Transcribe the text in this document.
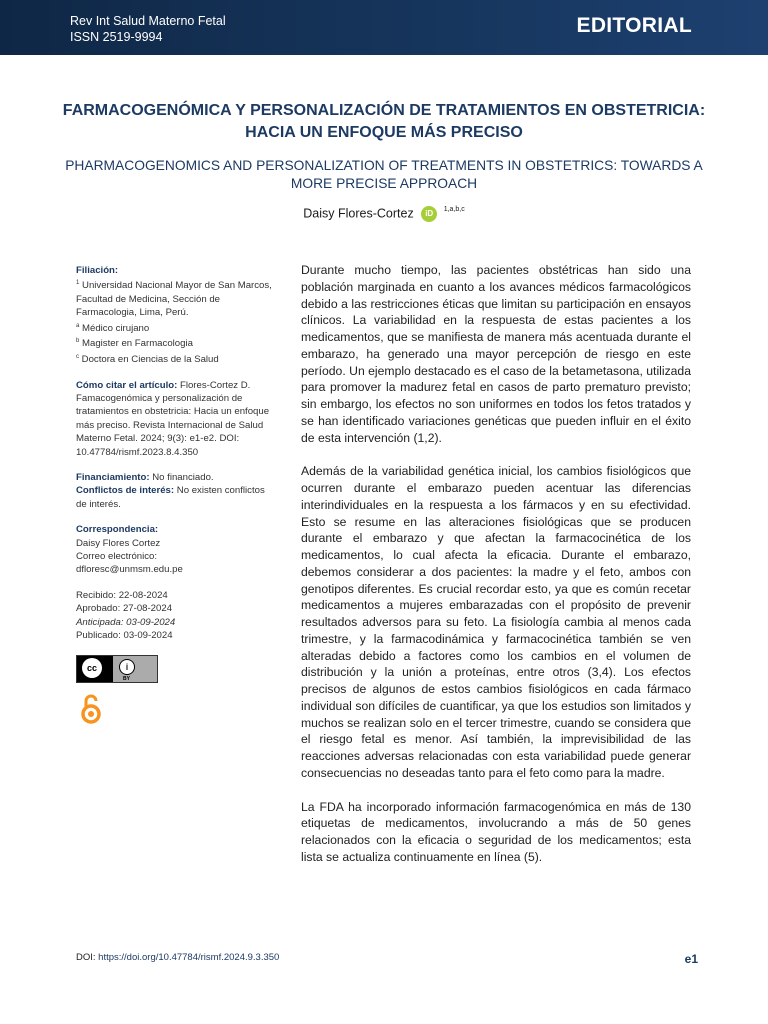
Rev Int Salud Materno Fetal
ISSN 2519-9994	EDITORIAL
FARMACOGENÓMICA Y PERSONALIZACIÓN DE TRATAMIENTOS EN OBSTETRICIA: HACIA UN ENFOQUE MÁS PRECISO
PHARMACOGENOMICS AND PERSONALIZATION OF TREATMENTS IN OBSTETRICS: TOWARDS A MORE PRECISE APPROACH
Daisy Flores-Cortez iD $^{1,a,b,c}$
Filiación:
$^1$ Universidad Nacional Mayor de San Marcos, Facultad de Medicina, Sección de Farmacologia, Lima, Perú.
$^a$ Médico cirujano
$^b$ Magister en Farmacologia
$^c$ Doctora en Ciencias de la Salud
Cómo citar el artículo: Flores-Cortez D. Famacogenómica y personalización de tratamientos en obstetricia: Hacia un enfoque más preciso. Revista Internacional de Salud Materno Fetal. 2024; 9(3): e1-e2. DOI: 10.47784/rismf.2023.8.4.350
Financiamiento: No financiado.
Conflictos de interés: No existen conflictos de interés.
Correspondencia:
Daisy Flores Cortez
Correo electrónico:
dfloresc@unmsm.edu.pe
Recibido: 22-08-2024
Aprobado: 27-08-2024
Anticipada: 03-09-2024
Publicado: 03-09-2024
cc	i
BY

Durante mucho tiempo, las pacientes obstétricas han sido una población marginada en cuanto a los avances médicos farmacológicos debido a las restricciones éticas que limitan su participación en ensayos clínicos. La variabilidad en la respuesta de estas pacientes a los medicamentos, que se manifiesta de manera más acentuada durante el embarazo, ha generado una mayor percepción de riesgo en este período. Un ejemplo destacado es el caso de la betametasona, utilizada para promover la madurez fetal en casos de parto prematuro previsto; sin embargo, los efectos no son uniformes en todos los fetos tratados y se han identificado variaciones genéticas que pueden influir en el éxito de esta intervención (1,2).

Además de la variabilidad genética inicial, los cambios fisiológicos que ocurren durante el embarazo pueden acentuar las diferencias interindividuales en la respuesta a los fármacos y en su efectividad. Esto se resume en las alteraciones fisiológicas que se producen durante el embarazo y que afectan la farmacocinética de los medicamentos, lo cual afecta la eficacia. Durante el embarazo, debemos considerar a dos pacientes: la madre y el feto, ambos con genotipos diferentes. Es crucial recordar esto, ya que es común recetar medicamentos a mujeres embarazadas con el propósito de prevenir resultados adversos para su feto. La fisiología cambia al menos cada trimestre, y la farmacodinámica y farmacocinética también se ven alteradas debido a factores como los cambios en el volumen de distribución y la unión a proteínas, entre otros (3,4). Los efectos precisos de algunos de estos cambios fisiológicos en cada fármaco individual son difíciles de cuantificar, ya que los estudios son limitados y muchos se realizan solo en el tercer trimestre, cuando se considera que el riesgo fetal es menor. Así también, la imprevisibilidad de las reacciones adversas relacionadas con esta variabilidad puede generar consecuencias no deseadas tanto para el feto como para la madre.

La FDA ha incorporado información farmacogenómica en más de 130 etiquetas de medicamentos, involucrando a más de 50 genes relacionados con la eficacia o seguridad de los medicamentos; esta lista se actualiza continuamente en línea (5).

DOI: https://doi.org/10.47784/rismf.2024.9.3.350	e1
